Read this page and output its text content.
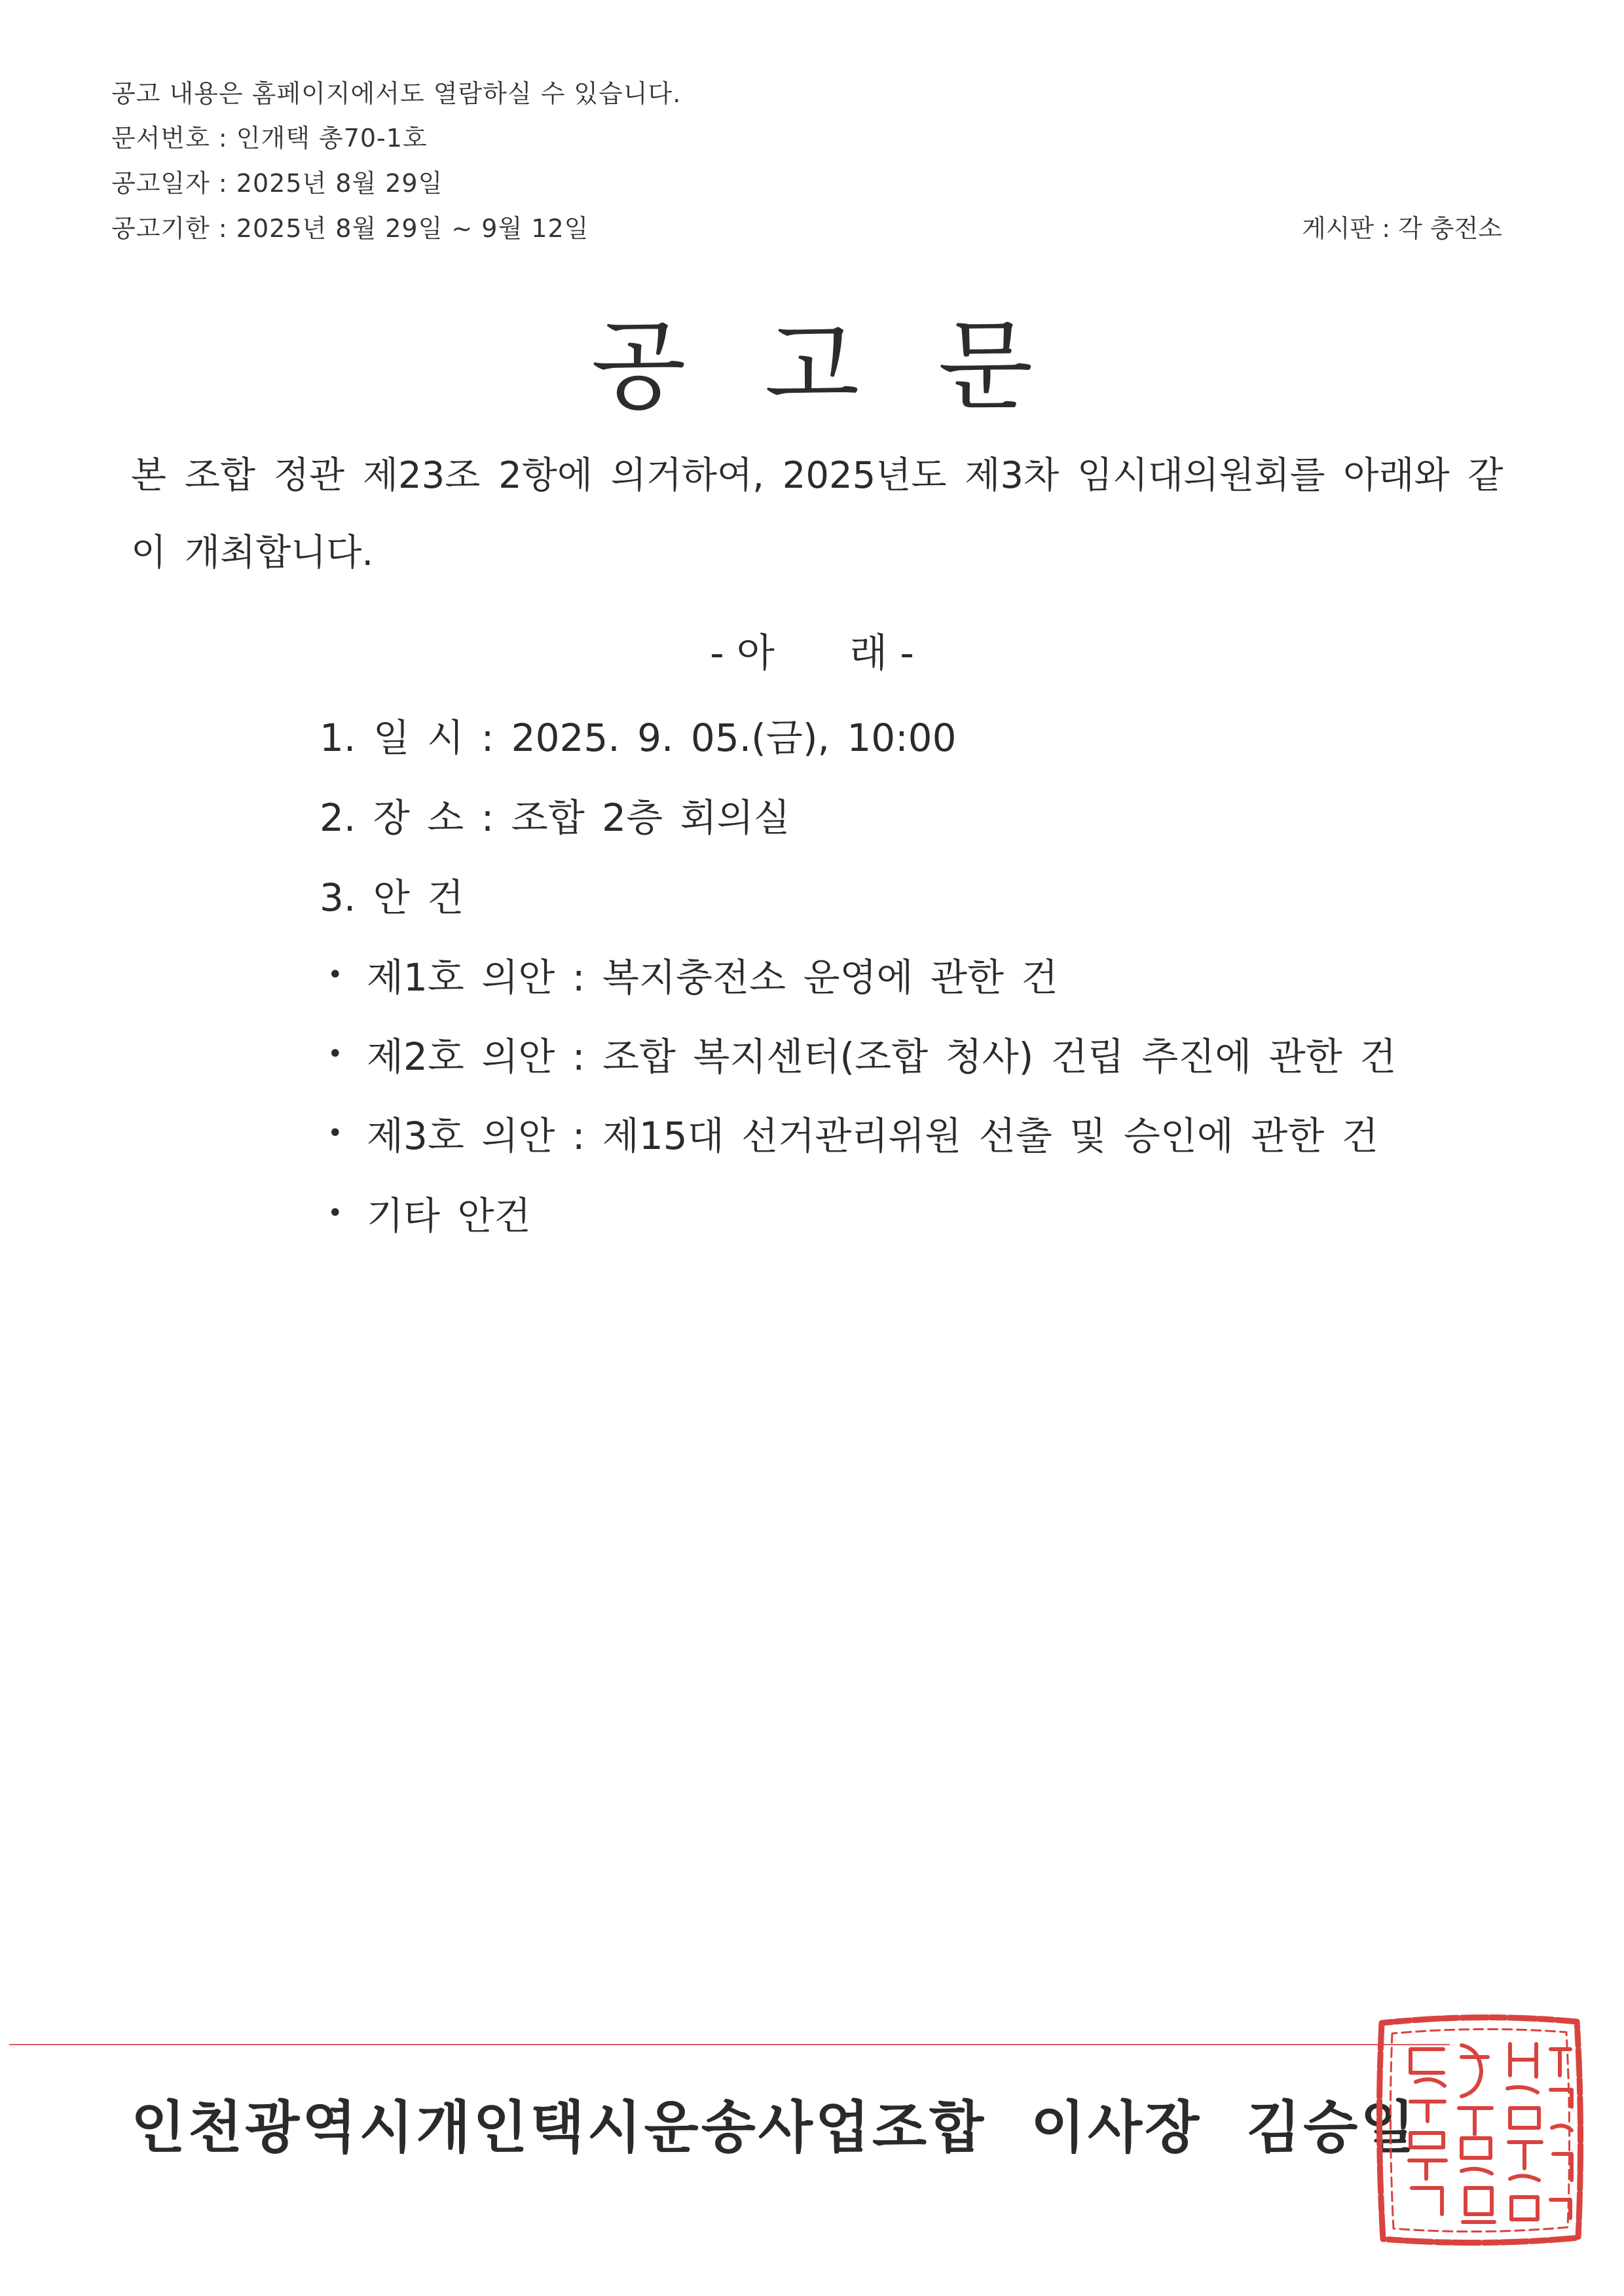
공고 내용은 홈페이지에서도 열람하실 수 있습니다.
문서번호 : 인개택 총70-1호
공고일자 : 2025년 8월 29일
공고기한 : 2025년 8월 29일 ~ 9월 12일	게시판 : 각 충전소
공고문
본 조합 정관 제23조 2항에 의거하여, 2025년도 제3차 임시대의원회를 아래와 같이 개최합니다.
- 아      래 -
1. 일 시 : 2025. 9. 05.(금), 10:00
2. 장 소 : 조합 2층 회의실
3. 안 건
• 제1호 의안 : 복지충전소 운영에 관한 건
• 제2호 의안 : 조합 복지센터(조합 청사) 건립 추진에 관한 건
• 제3호 의안 : 제15대 선거관리위원 선출 및 승인에 관한 건
• 기타 안건
인천광역시개인택시운송사업조합  이사장  김승일
